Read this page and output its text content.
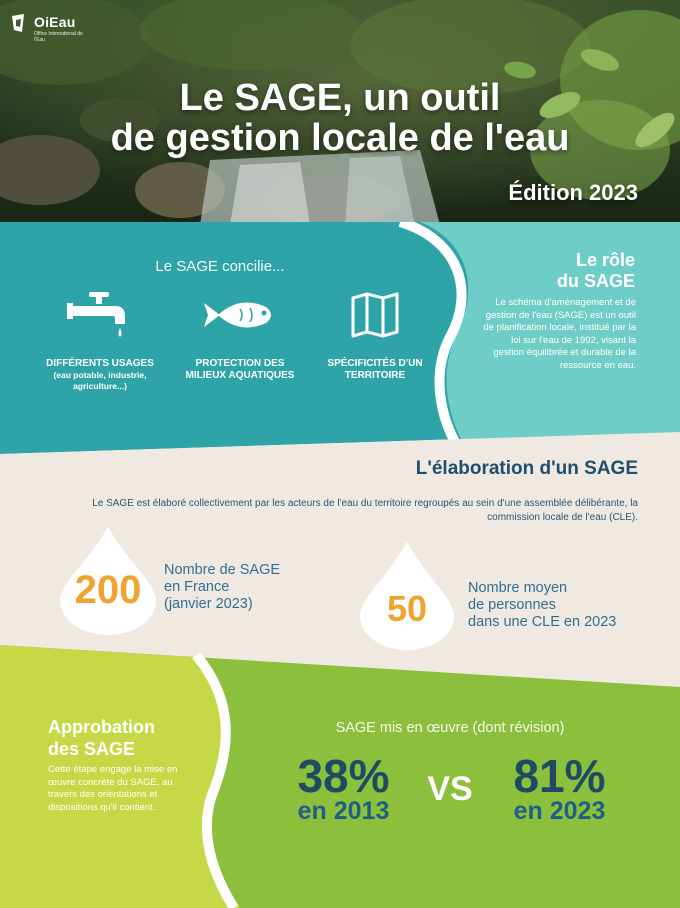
OiEau
Office International de l'Eau
Le SAGE, un outil
de gestion locale de l'eau
Édition 2023
Le SAGE concilie...
DIFFÉRENTS USAGES
(eau potable, industrie, agriculture...)
PROTECTION DES MILIEUX AQUATIQUES
SPÉCIFICITÉS D'UN TERRITOIRE
Le rôle
du SAGE
Le schéma d'aménagement et de gestion de l'eau (SAGE) est un outil de planification locale, institué par la loi sur l'eau de 1992, visant la gestion équilibrée et durable de la ressource en eau.
L'élaboration d'un SAGE
Le SAGE est élaboré collectivement par les acteurs de l'eau du territoire regroupés au sein d'une assemblée délibérante, la commission locale de l'eau (CLE).
200	Nombre de SAGE
en France
(janvier 2023)	50	Nombre moyen
de personnes
dans une CLE en 2023
Approbation
des SAGE
Cette étape engage la mise en œuvre concrète du SAGE, au travers des orientations et dispositions qu'il contient.
SAGE mis en œuvre (dont révision)
38%
en 2013
VS 81%
en 2023
